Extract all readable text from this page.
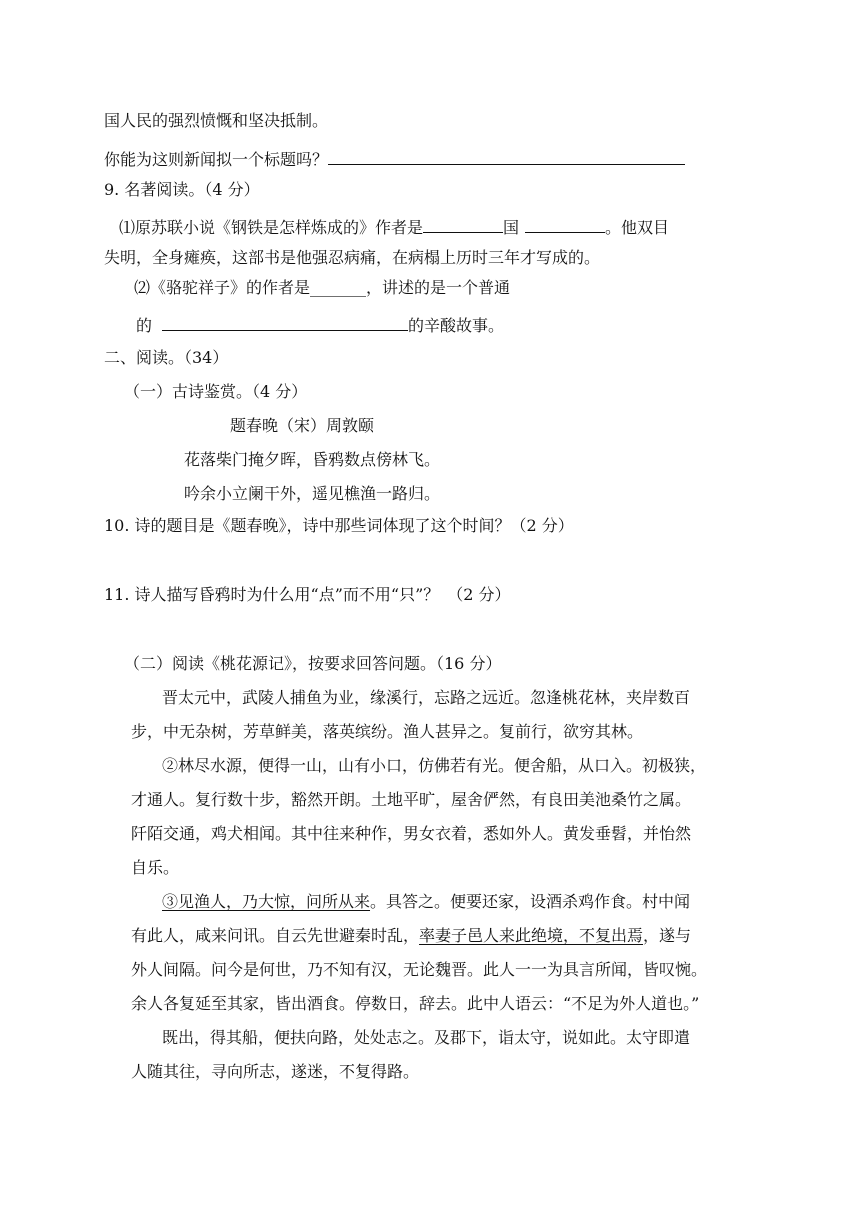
国人民的强烈愤慨和坚决抵制。
你能为这则新闻拟一个标题吗？
9. 名著阅读。（4 分）
⑴原苏联小说《钢铁是怎样炼成的》作者是	国	。他双目
失明，全身瘫痪，这部书是他强忍病痛，在病榻上历时三年才写成的。
⑵《骆驼祥子》的作者是_______，讲述的是一个普通
的	的辛酸故事。
二、阅读。（34）
（一）古诗鉴赏。（4 分）
题春晚（宋）周敦颐
花落柴门掩夕晖，昏鸦数点傍林飞。
吟余小立阑干外，遥见樵渔一路归。
10. 诗的题目是《题春晚》，诗中那些词体现了这个时间？（2 分）
11. 诗人描写昏鸦时为什么用“点”而不用“只”？　（2 分）
（二）阅读《桃花源记》，按要求回答问题。（16 分）
晋太元中，武陵人捕鱼为业，缘溪行，忘路之远近。忽逢桃花林，夹岸数百
步，中无杂树，芳草鲜美，落英缤纷。渔人甚异之。复前行，欲穷其林。
②林尽水源，便得一山，山有小口，仿佛若有光。便舍船，从口入。初极狭，
才通人。复行数十步，豁然开朗。土地平旷，屋舍俨然，有良田美池桑竹之属。
阡陌交通，鸡犬相闻。其中往来种作，男女衣着，悉如外人。黄发垂髫，并怡然
自乐。
③见渔人，乃大惊，问所从来。具答之。便要还家，设酒杀鸡作食。村中闻
有此人，咸来问讯。自云先世避秦时乱，率妻子邑人来此绝境，不复出焉，遂与
外人间隔。问今是何世，乃不知有汉，无论魏晋。此人一一为具言所闻，皆叹惋。
余人各复延至其家，皆出酒食。停数日，辞去。此中人语云：“不足为外人道也。”
既出，得其船，便扶向路，处处志之。及郡下，诣太守，说如此。太守即遣
人随其往，寻向所志，遂迷，不复得路。
